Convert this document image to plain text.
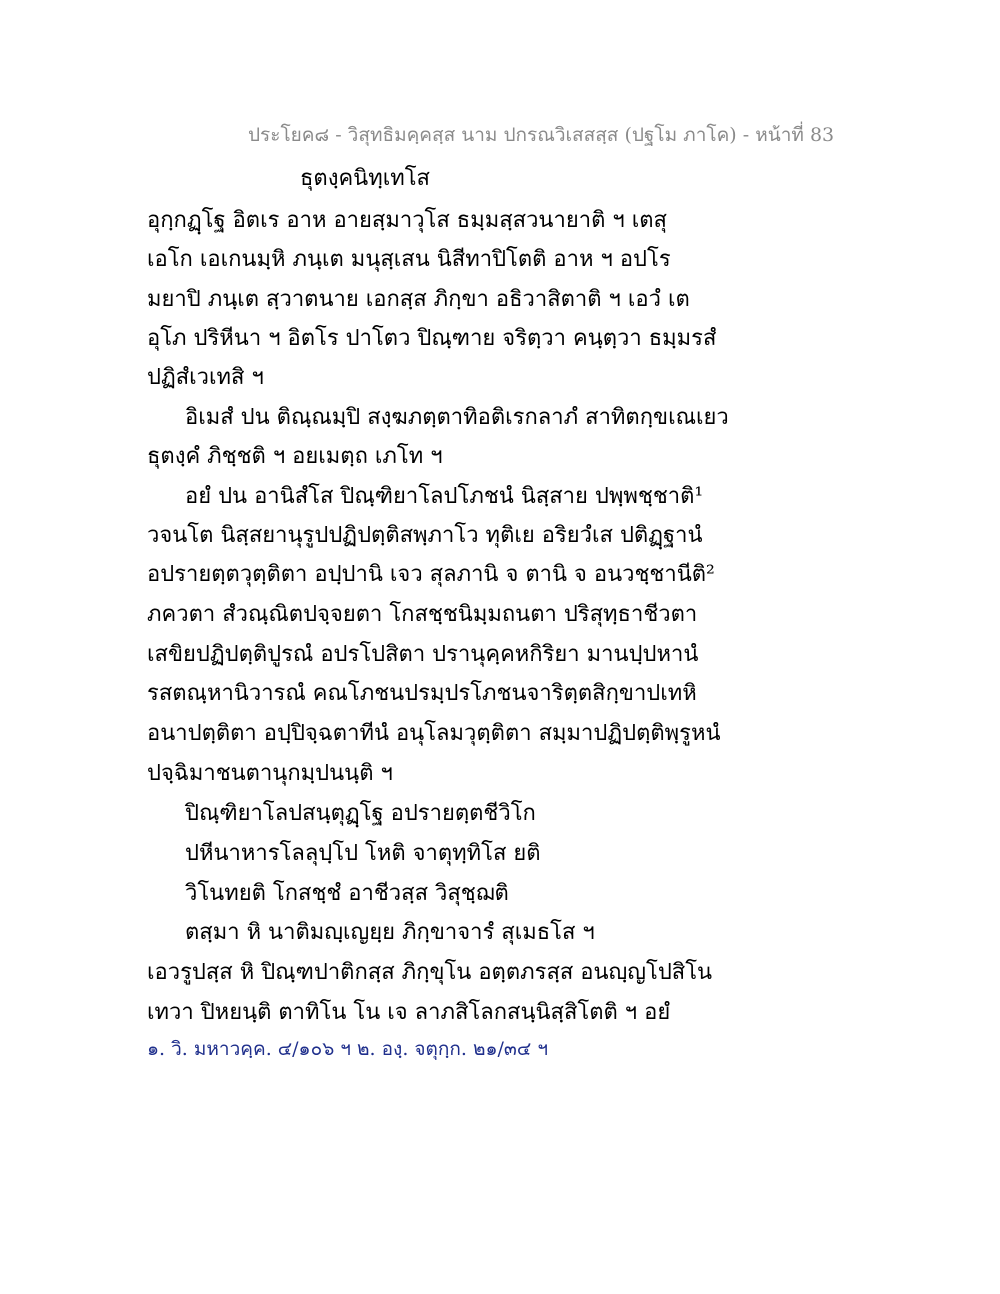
ประโยค๘ - วิสุทธิมคฺคสฺส นาม ปกรณวิเสสสฺส (ปฐโม ภาโค) - หน้าที่ 83
ธุตงฺคนิทฺเทโส
อุกฺกฏฺโฐ อิตเร อาห อายสฺมาวุโส ธมฺมสฺสวนายาติ ฯ เตสุ
เอโก เอเกนมฺหิ ภนฺเต มนุสฺเสน นิสีทาปิโตติ อาห ฯ อปโร
มยาปิ ภนฺเต สฺวาตนาย เอกสฺส ภิกฺขา อธิวาสิตาติ ฯ เอวํ เต
อุโภ ปริหีนา ฯ อิตโร ปาโตว ปิณฺฑาย จริตฺวา คนฺตฺวา ธมฺมรสํ
ปฏิสํเวเทสิ ฯ
อิเมสํ ปน ติณฺณมฺปิ สงฺฆภตฺตาทิอติเรกลาภํ สาทิตกฺขเณเยว
ธุตงฺคํ ภิชฺชติ ฯ อยเมตฺถ เภโท ฯ
อยํ ปน อานิสํโส ปิณฺฑิยาโลปโภชนํ นิสฺสาย ปพฺพชฺชาติ¹
วจนโต นิสฺสยานุรูปปฏิปตฺติสพฺภาโว ทุติเย อริยวํเส ปติฏฺฐานํ
อปรายตฺตวุตฺติตา อปฺปานิ เจว สุลภานิ จ ตานิ จ อนวชฺชานีติ²
ภควตา สํวณฺณิตปจฺจยตา โกสชฺชนิมฺมถนตา ปริสุทฺธาชีวตา
เสขิยปฏิปตฺติปูรณํ อปรโปสิตา ปรานุคฺคหกิริยา มานปฺปหานํ
รสตณฺหานิวารณํ คณโภชนปรมฺปรโภชนจาริตฺตสิกฺขาปเทหิ
อนาปตฺติตา อปฺปิจฺฉตาทีนํ อนุโลมวุตฺติตา สมฺมาปฏิปตฺติพฺรูหนํ
ปจฺฉิมาชนตานุกมฺปนนฺติ ฯ
ปิณฺฑิยาโลปสนฺตุฏฺโฐ อปรายตฺตชีวิโก
ปหีนาหารโลลุปฺโป โหติ จาตุทฺทิโส ยติ
วิโนทยติ โกสชฺชํ อาชีวสฺส วิสุชฺฌติ
ตสฺมา หิ นาติมญฺเญยฺย ภิกฺขาจารํ สุเมธโส ฯ
เอวรูปสฺส หิ ปิณฺฑปาติกสฺส ภิกฺขุโน อตฺตภรสฺส อนญฺญโปสิโน
เทวา ปิหยนฺติ ตาทิโน โน เจ ลาภสิโลกสนฺนิสฺสิโตติ ฯ อยํ
๑. วิ. มหาวคฺค. ๔/๑๐๖ ฯ ๒. องฺ. จตุกฺก. ๒๑/๓๔ ฯ
